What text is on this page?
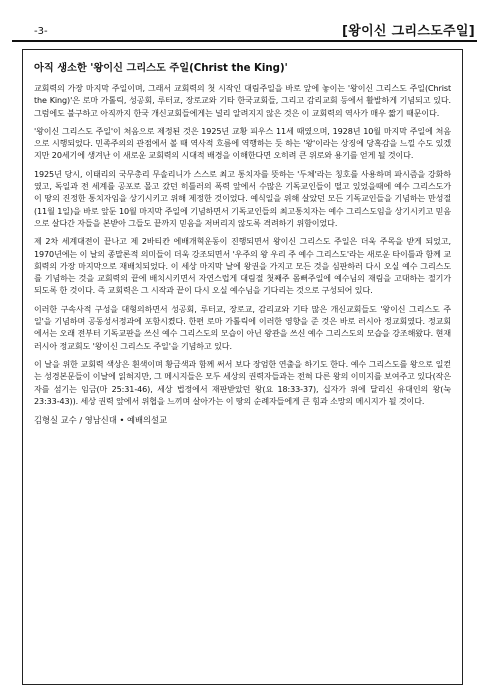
-3-	[왕이신 그리스도주일]
아직 생소한 '왕이신 그리스도 주일(Christ the King)'

교회력의 가장 마지막 주일이며, 그래서 교회력의 첫 시작인 대림주일을 바로 앞에 놓이는 '왕이신 그리스도 주일(Christ the King)'은 로마 가톨릭, 성공회, 루터교, 장로교와 기타 한국교회들, 그리고 감리교회 등에서 활발하게 기념되고 있다. 그럼에도 불구하고 아직까지 한국 개신교회들에게는 널리 알려지지 않은 것은 이 교회력의 역사가 매우 짧기 때문이다.

'왕이신 그리스도 주일'이 처음으로 제정된 것은 1925년 교황 피우스 11세 때였으며, 1928년 10월 마지막 주일에 처음으로 시행되었다. 민족주의의 관점에서 볼 때 역사적 흐름에 역행하는 듯 하는 '왕'이라는 상징에 당혹감을 느낄 수도 있겠지만 20세기에 생겨난 이 새로운 교회력의 시대적 배경을 이해한다면 오히려 큰 위로와 용기를 얻게 될 것이다.

1925년 당시, 이태리의 국무총리 무솔리니가 스스로 최고 통치자를 뜻하는 '두체'라는 칭호를 사용하며 파시즘을 강화하였고, 독일과 전 세계를 공포로 몰고 갔던 히틀러의 폭력 앞에서 수많은 기독교인들이 떨고 있었을때에 예수 그리스도가 이 땅의 진정한 통치자임을 상기시키고 위해 제정한 것이었다. 예식일을 위해 살았던 모든 기독교인들을 기념하는 만성절(11월 1일)을 바로 앞둔 10월 마지막 주일에 기념하면서 기독교인들의 최고통치자는 예수 그리스도임을 상기시키고 믿음으로 살다간 자들을 본받아 그들도 끝까지 믿음을 저버리지 않도록 격려하기 위함이었다.

제 2차 세계대전이 끝나고 제 2바티칸 에배개혁운동이 진행되면서 왕이신 그리스도 주일은 더욱 주목을 받게 되었고, 1970년에는 이 날의 종말론적 의미들이 더욱 강조되면서 '우주의 왕 우리 주 예수 그리스도'라는 새로운 타이틀과 함께 교회력의 가장 마지막으로 재배치되었다. 이 세상 마지막 날에 왕권을 가지고 모든 것을 심판하러 다시 오실 예수 그리스도를 기념하는 것을 교회력의 끝에 배치시키면서 자연스럽게 대림절 첫째주 몸뻐주일에 예수님의 재림을 고대하는 절기가 되도록 한 것이다. 즉 교회력은 그 시작과 끝이 다시 오실 예수님을 기다리는 것으로 구성되어 있다.

이러한 구속사적 구성을 대형의하면서 성공회, 루터교, 장로교, 감리교와 기타 많은 개신교회들도 '왕이신 그리스도 주일'을 기념하며 공동성서정과에 포함시켰다. 한편 로마 가톨릭에 이러한 영향을 준 것은 바로 러시아 정교회였다. 정교회에서는 오래 전부터 기독교판을 쓰신 예수 그리스도의 모습이 아닌 왕관을 쓰신 예수 그리스도의 모습을 강조해왔다. 현재 러시아 정교회도 '왕이신 그리스도 주일'을 기념하고 있다.

이 날을 위한 교회력 색상은 흰색이며 황금색과 함께 써서 보다 장엄한 연출을 하기도 한다. 예수 그리스도를 왕으로 일컫는 성경본문들이 이날에 읽혀지만, 그 메시지들은 모두 세상의 권력자들과는 전혀 다른 왕의 이미지를 보여주고 있다(작은 자를 섬기는 임금(마 25:31-46), 세상 법정에서 재판받았던 왕(요 18:33-37), 십자가 위에 달리신 유대인의 왕(눅 23:33-43)). 세상 권력 앞에서 위협을 느끼며 살아가는 이 땅의 순례자들에게 큰 힘과 소망의 메시지가 될 것이다.

김형실 교수 / 영남신대 • 예배의설교
